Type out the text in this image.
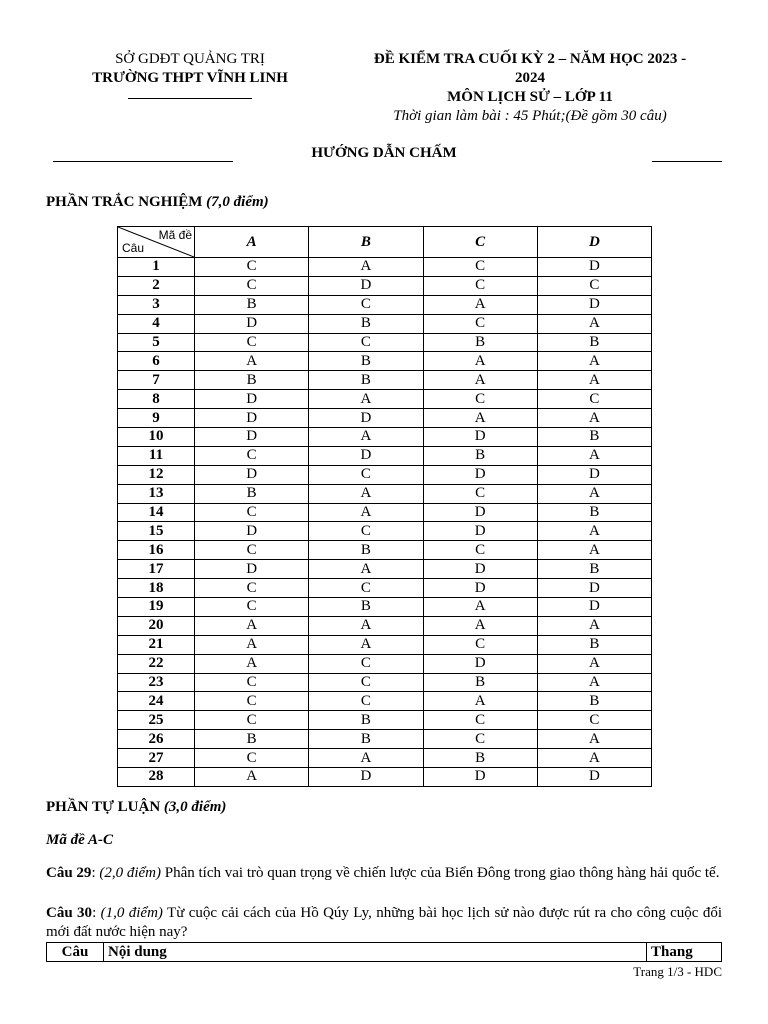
SỞ GDĐT QUẢNG TRỊ
TRƯỜNG THPT VĨNH LINH
ĐỀ KIỂM TRA CUỐI KỲ 2 – NĂM HỌC 2023 -
2024
MÔN LỊCH SỬ – LỚP 11
Thời gian làm bài : 45 Phút;(Đề gồm 30 câu)
HƯỚNG DẪN CHẤM
PHẦN TRẮC NGHIỆM (7,0 điểm)
Mã đề
Câu	A	B	C	D
1	C	A	C	D
2	C	D	C	C
3	B	C	A	D
4	D	B	C	A
5	C	C	B	B
6	A	B	A	A
7	B	B	A	A
8	D	A	C	C
9	D	D	A	A
10	D	A	D	B
11	C	D	B	A
12	D	C	D	D
13	B	A	C	A
14	C	A	D	B
15	D	C	D	A
16	C	B	C	A
17	D	A	D	B
18	C	C	D	D
19	C	B	A	D
20	A	A	A	A
21	A	A	C	B
22	A	C	D	A
23	C	C	B	A
24	C	C	A	B
25	C	B	C	C
26	B	B	C	A
27	C	A	B	A
28	A	D	D	D
PHẦN TỰ LUẬN (3,0 điểm)
Mã đề A-C
Câu 29: (2,0 điểm) Phân tích vai trò quan trọng về chiến lược của Biển Đông trong giao thông hàng hải quốc tế.
Câu 30: (1,0 điểm) Từ cuộc cải cách của Hồ Qúy Ly, những bài học lịch sử nào được rút ra cho công cuộc đổi mới đất nước hiện nay?
Câu	Nội dung	Thang
Trang 1/3 - HDC
